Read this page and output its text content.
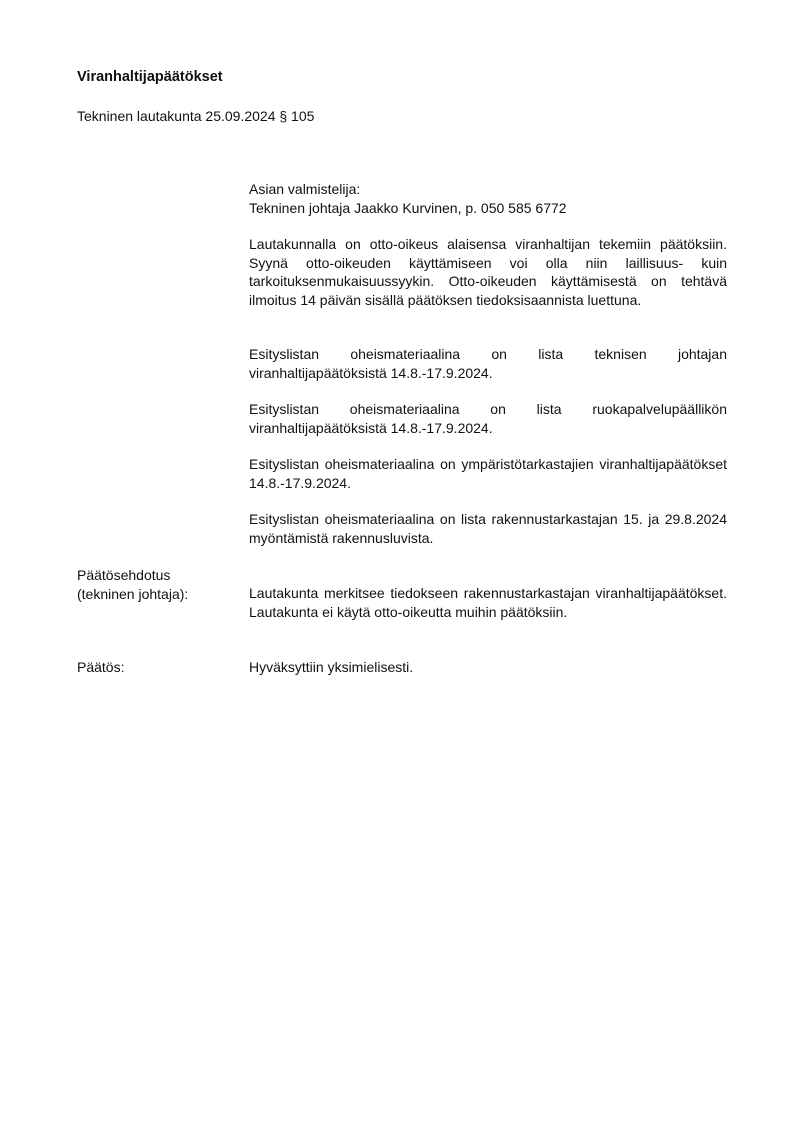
Viranhaltijapäätökset
Tekninen lautakunta 25.09.2024 § 105
Asian valmistelija:
Tekninen johtaja Jaakko Kurvinen, p. 050 585 6772
Lautakunnalla on otto-oikeus alaisensa viranhaltijan tekemiin päätöksiin. Syynä otto-oikeuden käyttämiseen voi olla niin laillisuus- kuin tarkoituksenmukaisuussyykin. Otto-oikeuden käyttämisestä on tehtävä ilmoitus 14 päivän sisällä päätöksen tiedoksisaannista luettuna.
Esityslistan oheismateriaalina on lista teknisen johtajan viranhaltijapäätöksistä 14.8.-17.9.2024.
Esityslistan oheismateriaalina on lista ruokapalvelupäällikön viranhaltijapäätöksistä 14.8.-17.9.2024.
Esityslistan oheismateriaalina on ympäristötarkastajien viranhaltijapäätökset 14.8.-17.9.2024.
Esityslistan oheismateriaalina on lista rakennustarkastajan 15. ja 29.8.2024 myöntämistä rakennusluvista.
Päätösehdotus
(tekninen johtaja):	Lautakunta merkitsee tiedokseen rakennustarkastajan viranhaltijapäätökset. Lautakunta ei käytä otto-oikeutta muihin päätöksiin.
Päätös:	Hyväksyttiin yksimielisesti.
